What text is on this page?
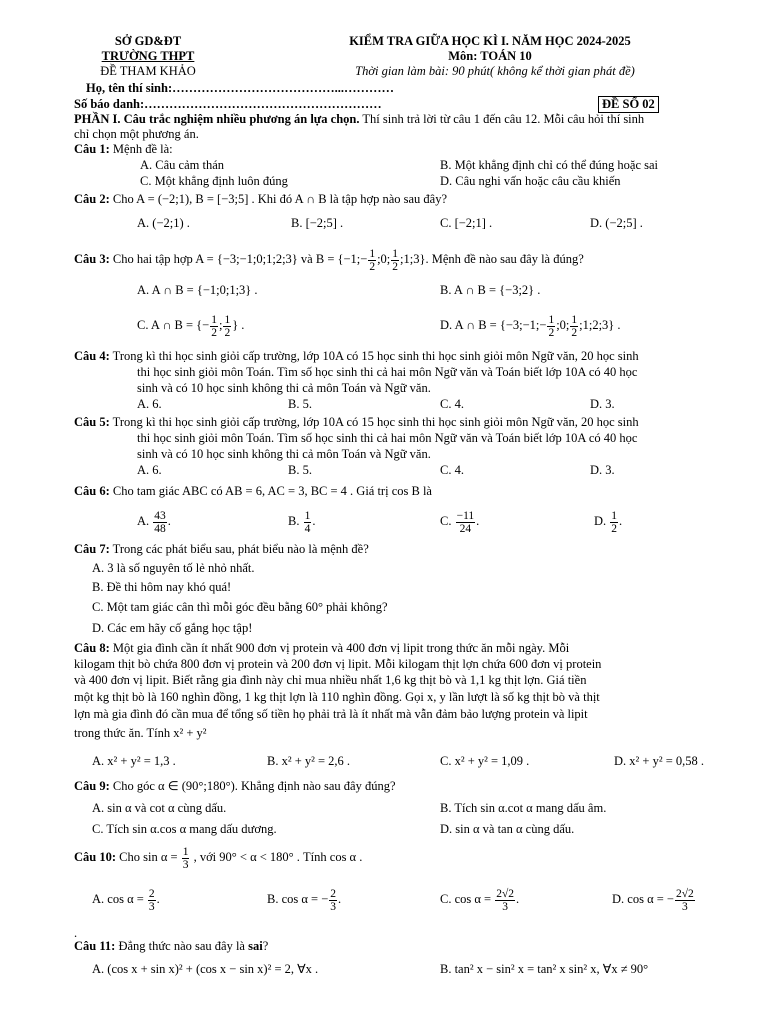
SỞ GD&ĐT
TRƯỜNG THPT
ĐỀ THAM KHẢO
KIỂM TRA GIỮA HỌC KÌ I. NĂM HỌC 2024-2025
Môn: TOÁN 10
Thời gian làm bài: 90 phút( không kể thời gian phát đề)
Họ, tên thí sinh:…………………………………...…………
Số báo danh:…………………………………………………	ĐỀ SỐ 02
PHẦN I. Câu trắc nghiệm nhiều phương án lựa chọn. Thí sinh trả lời từ câu 1 đến câu 12. Mỗi câu hỏi thí sinh
chỉ chọn một phương án.
Câu 1: Mệnh đề là:
A. Câu cảm thán	B. Một khẳng định chỉ có thể đúng hoặc sai
C. Một khẳng định luôn đúng	D. Câu nghi vấn hoặc câu cầu khiến
Câu 2: Cho A = (−2;1), B = [−3;5] . Khi đó A ∩ B là tập hợp nào sau đây?
A. (−2;1) .	B. [−2;5] .	C. [−2;1] .	D. (−2;5] .
Câu 3: Cho hai tập hợp A = {−3;−1;0;1;2;3} và B = {−1;− $\frac{1}{2}$ ;0; $\frac{1}{2}$ ;1;3}. Mệnh đề nào sau đây là đúng?
A. A ∩ B = {−1;0;1;3} .	B. A ∩ B = {−3;2} .
C. A ∩ B = {− $\frac{1}{2}$ ; $\frac{1}{2}$ } .	D. A ∩ B = {−3;−1;− $\frac{1}{2}$ ;0; $\frac{1}{2}$ ;1;2;3} .
Câu 4: Trong kì thi học sinh giỏi cấp trường, lớp 10A có 15 học sinh thi học sinh giỏi môn Ngữ văn, 20 học sinh
thi học sinh giỏi môn Toán. Tìm số học sinh thi cả hai môn Ngữ văn và Toán biết lớp 10A có 40 học
sinh và có 10 học sinh không thi cả môn Toán và Ngữ văn.
A. 6.	B. 5.	C. 4.	D. 3.
Câu 5: Trong kì thi học sinh giỏi cấp trường, lớp 10A có 15 học sinh thi học sinh giỏi môn Ngữ văn, 20 học sinh
thi học sinh giỏi môn Toán. Tìm số học sinh thi cả hai môn Ngữ văn và Toán biết lớp 10A có 40 học
sinh và có 10 học sinh không thi cả môn Toán và Ngữ văn.
A. 6.	B. 5.	C. 4.	D. 3.
Câu 6: Cho tam giác ABC có AB = 6, AC = 3, BC = 4 . Giá trị cos B là
A. $\frac{43}{48}$ .	B. $\frac{1}{4}$ .	C. $\frac{-11}{24}$ .	D. $\frac{1}{2}$ .
Câu 7: Trong các phát biểu sau, phát biểu nào là mệnh đề?
A. 3 là số nguyên tố lẻ nhỏ nhất.
B. Đề thi hôm nay khó quá!
C. Một tam giác cân thì mỗi góc đều bằng 60° phải không?
D. Các em hãy cố gắng học tập!
Câu 8: Một gia đình cần ít nhất 900 đơn vị protein và 400 đơn vị lipit trong thức ăn mỗi ngày. Mỗi
kilogam thịt bò chứa 800 đơn vị protein và 200 đơn vị lipit. Mỗi kilogam thịt lợn chứa 600 đơn vị protein
và 400 đơn vị lipit. Biết rằng gia đình này chỉ mua nhiều nhất 1,6 kg thịt bò và 1,1 kg thịt lợn. Giá tiền
một kg thịt bò là 160 nghìn đồng, 1 kg thịt lợn là 110 nghìn đồng. Gọi x, y lần lượt là số kg thịt bò và thịt
lợn mà gia đình đó cần mua để tổng số tiền họ phải trả là ít nhất mà vẫn đảm bảo lượng protein và lipit
trong thức ăn. Tính x² + y²
A. x² + y² = 1,3 .	B. x² + y² = 2,6 .	C. x² + y² = 1,09 .	D. x² + y² = 0,58 .
Câu 9: Cho góc α ∈ (90°;180°). Khẳng định nào sau đây đúng?
A. sin α và cot α cùng dấu.	B. Tích sin α.cot α mang dấu âm.
C. Tích sin α.cos α mang dấu dương.	D. sin α và tan α cùng dấu.
Câu 10: Cho $\sin \alpha = \frac{1}{3}$ , với 90° < α < 180° . Tính cos α .
A. $\cos \alpha = \frac{2}{3}$ .	B. cos α = − $\frac{2}{3}$ .	C. $\cos \alpha = \frac{2√2}{3}$ .	D. cos α = − $\frac{2√2}{3}$
.
Câu 11: Đẳng thức nào sau đây là sai?
A. (cos x + sin x)² + (cos x − sin x)² = 2, ∀x .	B. tan² x − sin² x = tan² x sin² x, ∀x ≠ 90°
